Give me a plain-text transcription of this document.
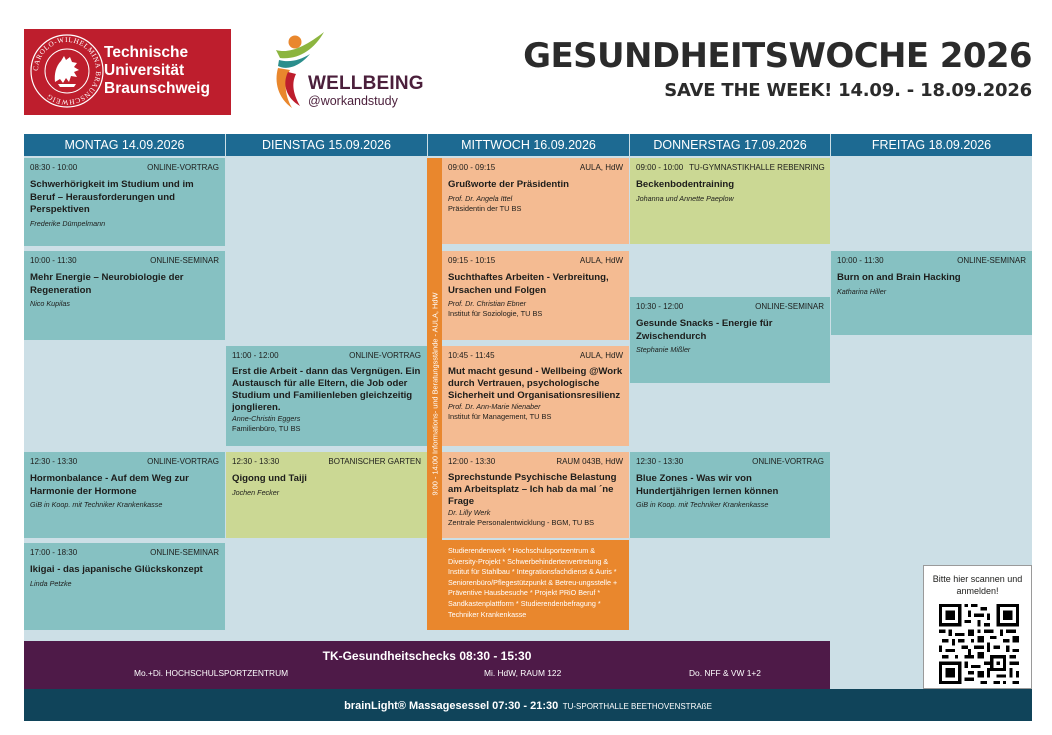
CAROLO-WILHELMINA BRAUNSCHWEIG
Technische
Universität
Braunschweig	WELLBEING
@workandstudy
GESUNDHEITSWOCHE 2026
SAVE THE WEEK! 14.09. - 18.09.2026
MONTAG 14.09.2026	DIENSTAG 15.09.2026	MITTWOCH 16.09.2026	DONNERSTAG 17.09.2026	FREITAG 18.09.2026
08:30 - 10:00	ONLINE-VORTRAG
Schwerhörigkeit im Studium und im Beruf – Herausforderungen und Perspektiven
Frederike Dümpelmann
10:00 - 11:30	ONLINE-SEMINAR
Mehr Energie – Neurobiologie der Regeneration
Nico Kupilas
12:30 - 13:30	ONLINE-VORTRAG
Hormonbalance - Auf dem Weg zur Harmonie der Hormone
GiB in Koop. mit Techniker Krankenkasse
17:00 - 18:30	ONLINE-SEMINAR
Ikigai - das japanische Glückskonzept
Linda Petzke
11:00 - 12:00	ONLINE-VORTRAG
Erst die Arbeit - dann das Vergnügen. Ein Austausch für alle Eltern, die Job oder Studium und Familienleben gleichzeitig jonglieren.
Anne-Christin Eggers
Familienbüro, TU BS
12:30 - 13:30	BOTANISCHER GARTEN
Qigong und Taiji
Jochen Fecker	9:00 - 14:00 Informations- und Beratungsstände - AULA, HdW
09:00 - 09:15	AULA, HdW
Grußworte der Präsidentin
Prof. Dr. Angela Ittel
Präsidentin der TU BS
09:15 - 10:15	AULA, HdW
Suchthaftes Arbeiten - Verbreitung, Ursachen und Folgen
Prof. Dr. Christian Ebner
Institut für Soziologie, TU BS
10:45 - 11:45	AULA, HdW
Mut macht gesund - Wellbeing @Work durch Vertrauen, psychologische Sicherheit und Organisationsresilienz
Prof. Dr. Ann-Marie Nienaber
Institut für Management, TU BS
12:00 - 13:30	RAUM 043B, HdW
Sprechstunde Psychische Belastung am Arbeitsplatz – Ich hab da mal ´ne Frage
Dr. Lilly Werk
Zentrale Personalentwicklung - BGM, TU BS
Studierendenwerk * Hochschulsportzentrum & Diversity-Projekt * Schwerbehindertenvertretung & Institut für Stahlbau * Integrationsfachdienst & Auris * Seniorenbüro/Pflegestützpunkt & Betreu-ungsstelle + Präventive Hausbesuche * Projekt PRiO Beruf * Sandkastenplattform * Studierendenbefragung * Techniker Krankenkasse
09:00 - 10:00 TU-GYMNASTIKHALLE REBENRING
Beckenbodentraining
Johanna und Annette Paeplow
10:30 - 12:00	ONLINE-SEMINAR
Gesunde Snacks - Energie für Zwischendurch
Stephanie Mißler
12:30 - 13:30	ONLINE-VORTRAG
Blue Zones - Was wir von Hundertjährigen lernen können
GiB in Koop. mit Techniker Krankenkasse
10:00 - 11:30	ONLINE-SEMINAR
Burn on and Brain Hacking
Katharina Hiller
Bitte hier scannen und anmelden!
TK-Gesundheitschecks 08:30 - 15:30
Mo.+Di. HOCHSCHULSPORTZENTRUM	Mi. HdW, RAUM 122	Do. NFF & VW 1+2
brainLight® Massagesessel 07:30 - 21:30 TU-SPORTHALLE BEETHOVENSTRAßE
